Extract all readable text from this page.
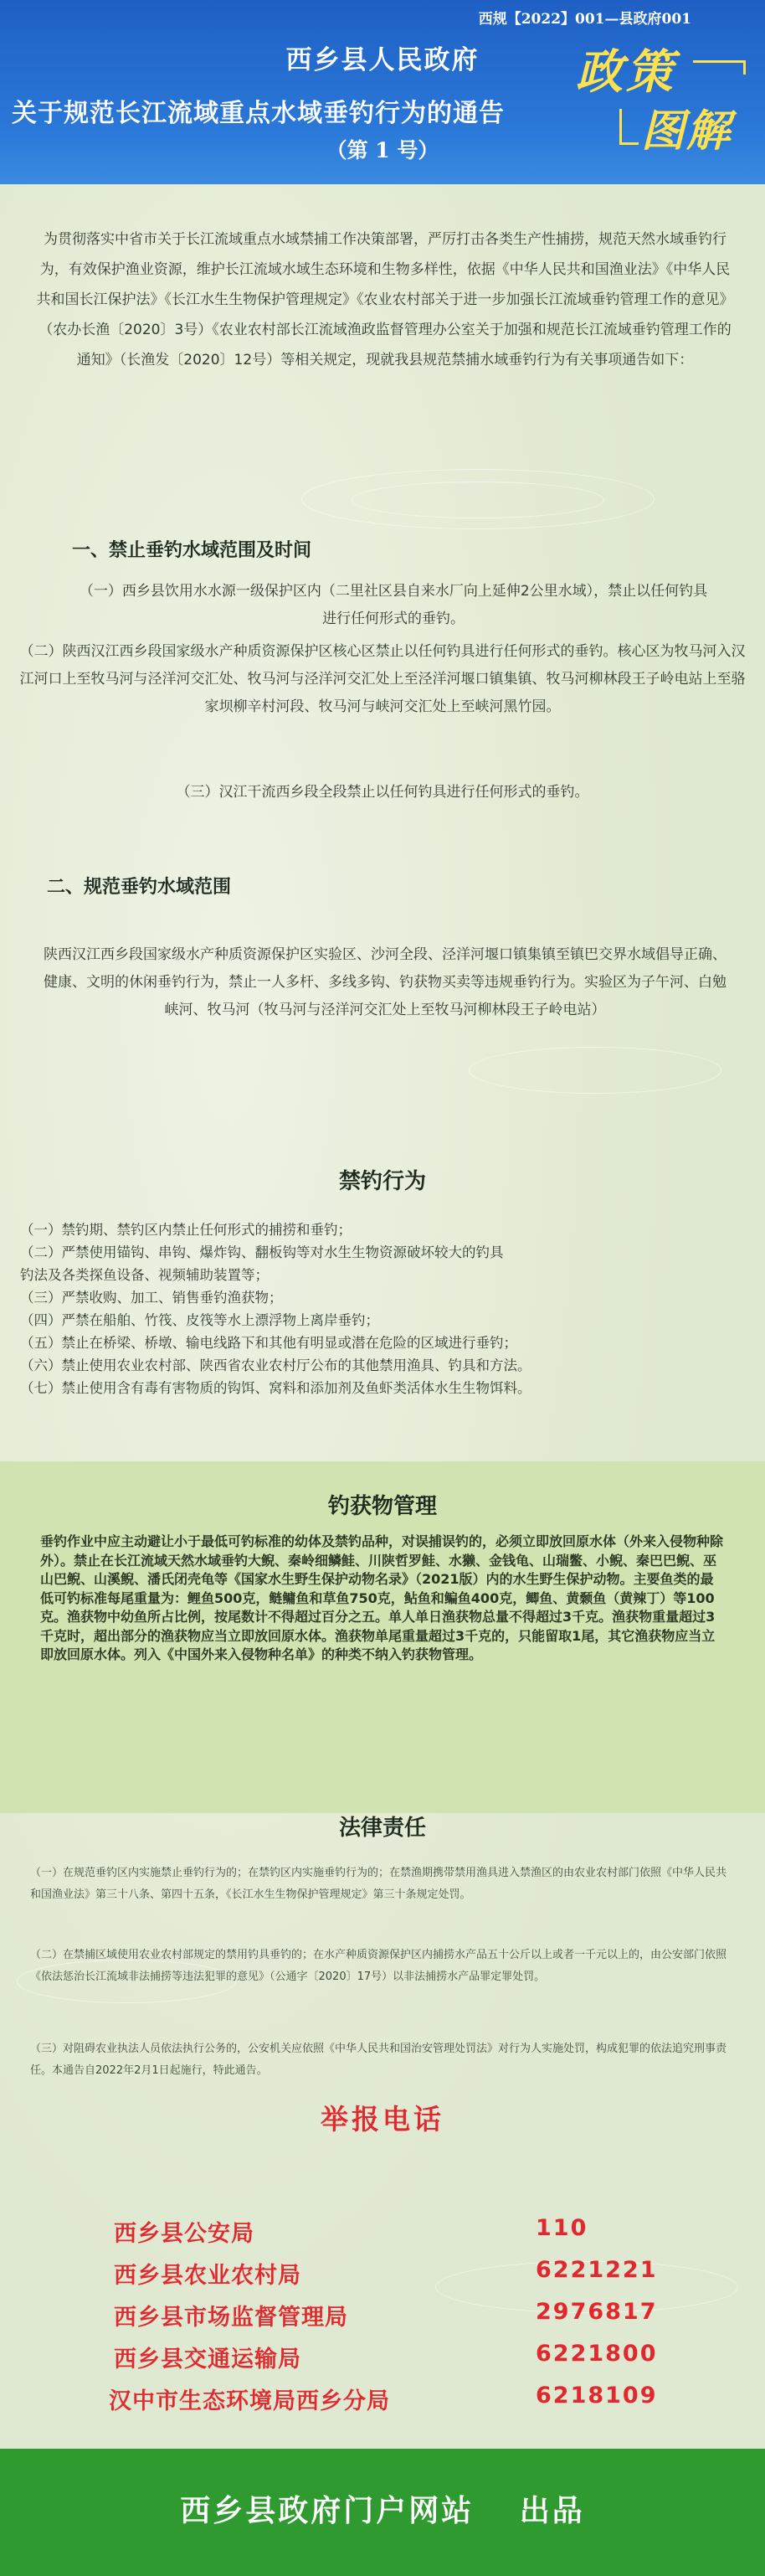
西规【2022】001—县政府001
西乡县人民政府
关于规范长江流域重点水域垂钓行为的通告
（第 1 号）
政策
图解
为贯彻落实中省市关于长江流域重点水域禁捕工作决策部署，严厉打击各类生产性捕捞，规范天然水域垂钓行为，有效保护渔业资源，维护长江流域水域生态环境和生物多样性，依据《中华人民共和国渔业法》《中华人民共和国长江保护法》《长江水生生物保护管理规定》《农业农村部关于进一步加强长江流域垂钓管理工作的意见》（农办长渔〔2020〕3号）《农业农村部长江流域渔政监督管理办公室关于加强和规范长江流域垂钓管理工作的通知》（长渔发〔2020〕12号）等相关规定，现就我县规范禁捕水域垂钓行为有关事项通告如下：
一、禁止垂钓水域范围及时间
（一）西乡县饮用水水源一级保护区内（二里社区县自来水厂向上延伸2公里水域），禁止以任何钓具进行任何形式的垂钓。
（二）陕西汉江西乡段国家级水产种质资源保护区核心区禁止以任何钓具进行任何形式的垂钓。核心区为牧马河入汉江河口上至牧马河与泾洋河交汇处、牧马河与泾洋河交汇处上至泾洋河堰口镇集镇、牧马河柳林段王子岭电站上至骆家坝柳辛村河段、牧马河与峡河交汇处上至峡河黑竹园。
（三）汉江干流西乡段全段禁止以任何钓具进行任何形式的垂钓。
二、规范垂钓水域范围
陕西汉江西乡段国家级水产种质资源保护区实验区、沙河全段、泾洋河堰口镇集镇至镇巴交界水域倡导正确、健康、文明的休闲垂钓行为，禁止一人多杆、多线多钩、钓获物买卖等违规垂钓行为。实验区为子午河、白勉峡河、牧马河（牧马河与泾洋河交汇处上至牧马河柳林段王子岭电站）
禁钓行为
（一）禁钓期、禁钓区内禁止任何形式的捕捞和垂钓；
（二）严禁使用锚钩、串钩、爆炸钩、翻板钩等对水生生物资源破坏较大的钓具
钓法及各类探鱼设备、视频辅助装置等；
（三）严禁收购、加工、销售垂钓渔获物；
（四）严禁在船舶、竹筏、皮筏等水上漂浮物上离岸垂钓；
（五）禁止在桥梁、桥墩、输电线路下和其他有明显或潜在危险的区域进行垂钓；
（六）禁止使用农业农村部、陕西省农业农村厅公布的其他禁用渔具、钓具和方法。
（七）禁止使用含有毒有害物质的钩饵、窝料和添加剂及鱼虾类活体水生生物饵料。
钓获物管理
垂钓作业中应主动避让小于最低可钓标准的幼体及禁钓品种，对误捕误钓的，必须立即放回原水体（外来入侵物种除外）。禁止在长江流域天然水域垂钓大鲵、秦岭细鳞鲑、川陕哲罗鲑、水獭、金钱龟、山瑞鳖、小鲵、秦巴巴鲵、巫山巴鲵、山溪鲵、潘氏闭壳龟等《国家水生野生保护动物名录》（2021版）内的水生野生保护动物。主要鱼类的最低可钓标准每尾重量为：鲤鱼500克，鲢鳙鱼和草鱼750克，鲇鱼和鳊鱼400克，鲫鱼、黄颡鱼（黄辣丁）等100克。渔获物中幼鱼所占比例，按尾数计不得超过百分之五。单人单日渔获物总量不得超过3千克。渔获物重量超过3千克时，超出部分的渔获物应当立即放回原水体。渔获物单尾重量超过3千克的，只能留取1尾，其它渔获物应当立即放回原水体。列入《中国外来入侵物种名单》的种类不纳入钓获物管理。
法律责任
（一）在规范垂钓区内实施禁止垂钓行为的；在禁钓区内实施垂钓行为的；在禁渔期携带禁用渔具进入禁渔区的由农业农村部门依照《中华人民共和国渔业法》第三十八条、第四十五条，《长江水生生物保护管理规定》第三十条规定处罚。
（二）在禁捕区域使用农业农村部规定的禁用钓具垂钓的；在水产种质资源保护区内捕捞水产品五十公斤以上或者一千元以上的，由公安部门依照《依法惩治长江流域非法捕捞等违法犯罪的意见》（公通字〔2020〕17号）以非法捕捞水产品罪定罪处罚。
（三）对阻碍农业执法人员依法执行公务的，公安机关应依照《中华人民共和国治安管理处罚法》对行为人实施处罚，构成犯罪的依法追究刑事责任。本通告自2022年2月1日起施行，特此通告。
举报电话
西乡县公安局	110
西乡县农业农村局	6221221
西乡县市场监督管理局	2976817
西乡县交通运输局	6221800
汉中市生态环境局西乡分局	6218109
西乡县政府门户网站　 出品
